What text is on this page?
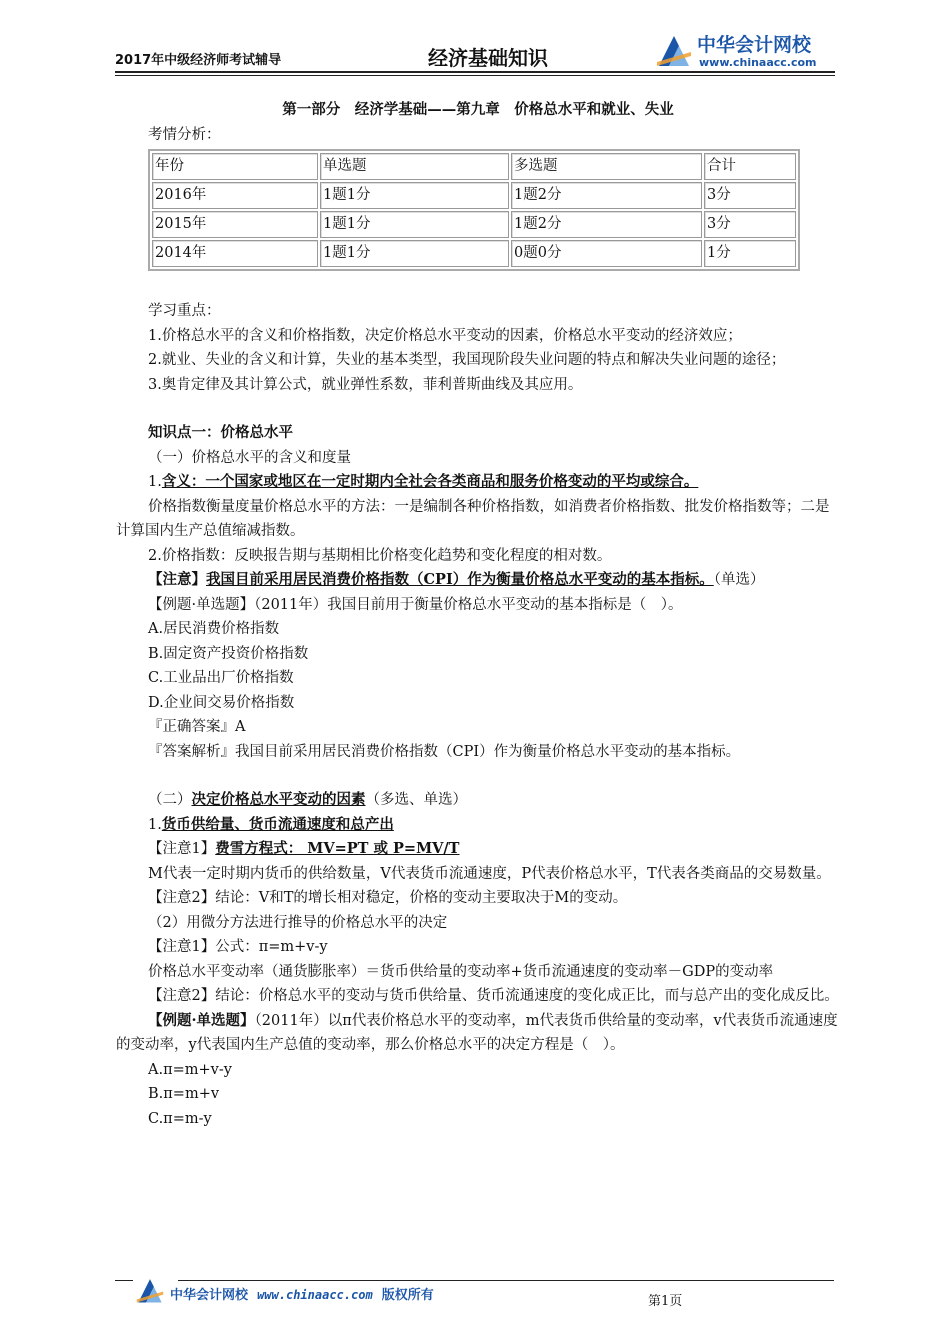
2017年中级经济师考试辅导	经济基础知识
中华会计网校
www.chinaacc.com

第一部分　经济学基础——第九章　价格总水平和就业、失业

考情分析：

年份	单选题	多选题	合计
2016年	1题1分	1题2分	3分
2015年	1题1分	1题2分	3分
2014年	1题1分	0题0分	1分

学习重点：

1.价格总水平的含义和价格指数，决定价格总水平变动的因素，价格总水平变动的经济效应；

2.就业、失业的含义和计算，失业的基本类型，我国现阶段失业问题的特点和解决失业问题的途径；

3.奥肯定律及其计算公式，就业弹性系数，菲利普斯曲线及其应用。

知识点一：价格总水平

（一）价格总水平的含义和度量

1.含义：一个国家或地区在一定时期内全社会各类商品和服务价格变动的平均或综合。

价格指数衡量度量价格总水平的方法：一是编制各种价格指数，如消费者价格指数、批发价格指数等；二是计算国内生产总值缩减指数。

2.价格指数：反映报告期与基期相比价格变化趋势和变化程度的相对数。

【注意】我国目前采用居民消费价格指数（CPI）作为衡量价格总水平变动的基本指标。（单选）

【例题·单选题】（2011年）我国目前用于衡量价格总水平变动的基本指标是（　）。

A.居民消费价格指数

B.固定资产投资价格指数

C.工业品出厂价格指数

D.企业间交易价格指数

『正确答案』A

『答案解析』我国目前采用居民消费价格指数（CPI）作为衡量价格总水平变动的基本指标。

（二）决定价格总水平变动的因素（多选、单选）

1.货币供给量、货币流通速度和总产出

【注意1】费雪方程式： MV=PT 或 P=MV/T

M代表一定时期内货币的供给数量，V代表货币流通速度，P代表价格总水平，T代表各类商品的交易数量。

【注意2】结论：V和T的增长相对稳定，价格的变动主要取决于M的变动。

（2）用微分方法进行推导的价格总水平的决定

【注意1】公式：π=m+v-y

价格总水平变动率（通货膨胀率）＝货币供给量的变动率+货币流通速度的变动率－GDP的变动率

【注意2】结论：价格总水平的变动与货币供给量、货币流通速度的变化成正比，而与总产出的变化成反比。

【例题·单选题】（2011年）以π代表价格总水平的变动率，m代表货币供给量的变动率，v代表货币流通速度的变动率，y代表国内生产总值的变动率，那么价格总水平的决定方程是（　）。

A.π=m+v-y

B.π=m+v

C.π=m-y

中华会计网校 www.chinaacc.com 版权所有	第1页
